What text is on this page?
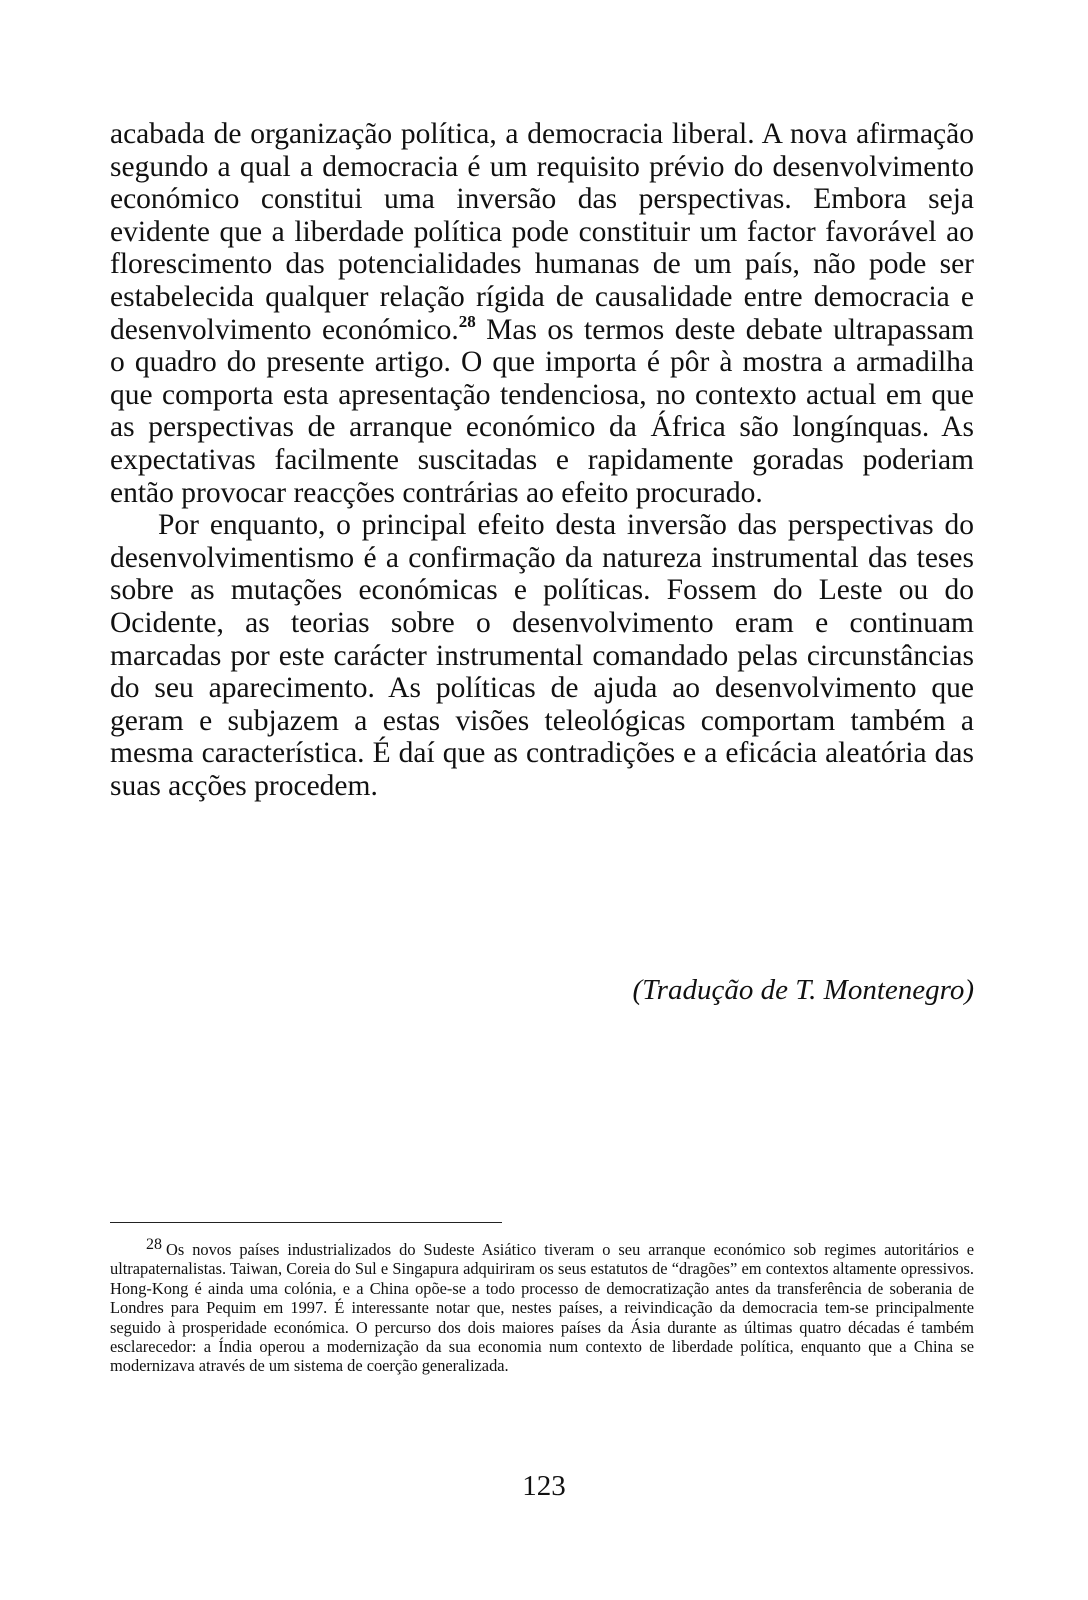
acabada de organização política, a democracia liberal. A nova afirmação segundo a qual a democracia é um requisito prévio do desenvolvimento económico constitui uma inversão das perspectivas. Embora seja evidente que a liberdade política pode constituir um factor favorável ao florescimento das potencialidades humanas de um país, não pode ser estabelecida qualquer relação rígida de causalidade entre democracia e desenvolvimento económico.$^{28}$ Mas os termos deste debate ultrapassam o quadro do presente artigo. O que importa é pôr à mostra a armadilha que comporta esta apresentação tendenciosa, no contexto actual em que as perspectivas de arranque económico da África são longínquas. As expectativas facilmente suscitadas e rapidamente goradas poderiam então provocar reacções contrárias ao efeito procurado.

Por enquanto, o principal efeito desta inversão das perspectivas do desenvolvimentismo é a confirmação da natureza instrumental das teses sobre as mutações económicas e políticas. Fossem do Leste ou do Ocidente, as teorias sobre o desenvolvimento eram e continuam marcadas por este carácter instrumental comandado pelas circunstâncias do seu aparecimento. As políticas de ajuda ao desenvolvimento que geram e subjazem a estas visões teleológicas comportam também a mesma característica. É daí que as contradições e a eficácia aleatória das suas acções procedem.

(Tradução de T. Montenegro)

28 Os novos países industrializados do Sudeste Asiático tiveram o seu arranque económico sob regimes autoritários e ultrapaternalistas. Taiwan, Coreia do Sul e Singapura adquiriram os seus estatutos de “dragões” em contextos altamente opressivos. Hong-Kong é ainda uma colónia, e a China opõe-se a todo processo de democratização antes da transferência de soberania de Londres para Pequim em 1997. É interessante notar que, nestes países, a reivindicação da democracia tem-se principalmente seguido à prosperidade económica. O percurso dos dois maiores países da Ásia durante as últimas quatro décadas é também esclarecedor: a Índia operou a modernização da sua economia num contexto de liberdade política, enquanto que a China se modernizava através de um sistema de coerção generalizada.

123
